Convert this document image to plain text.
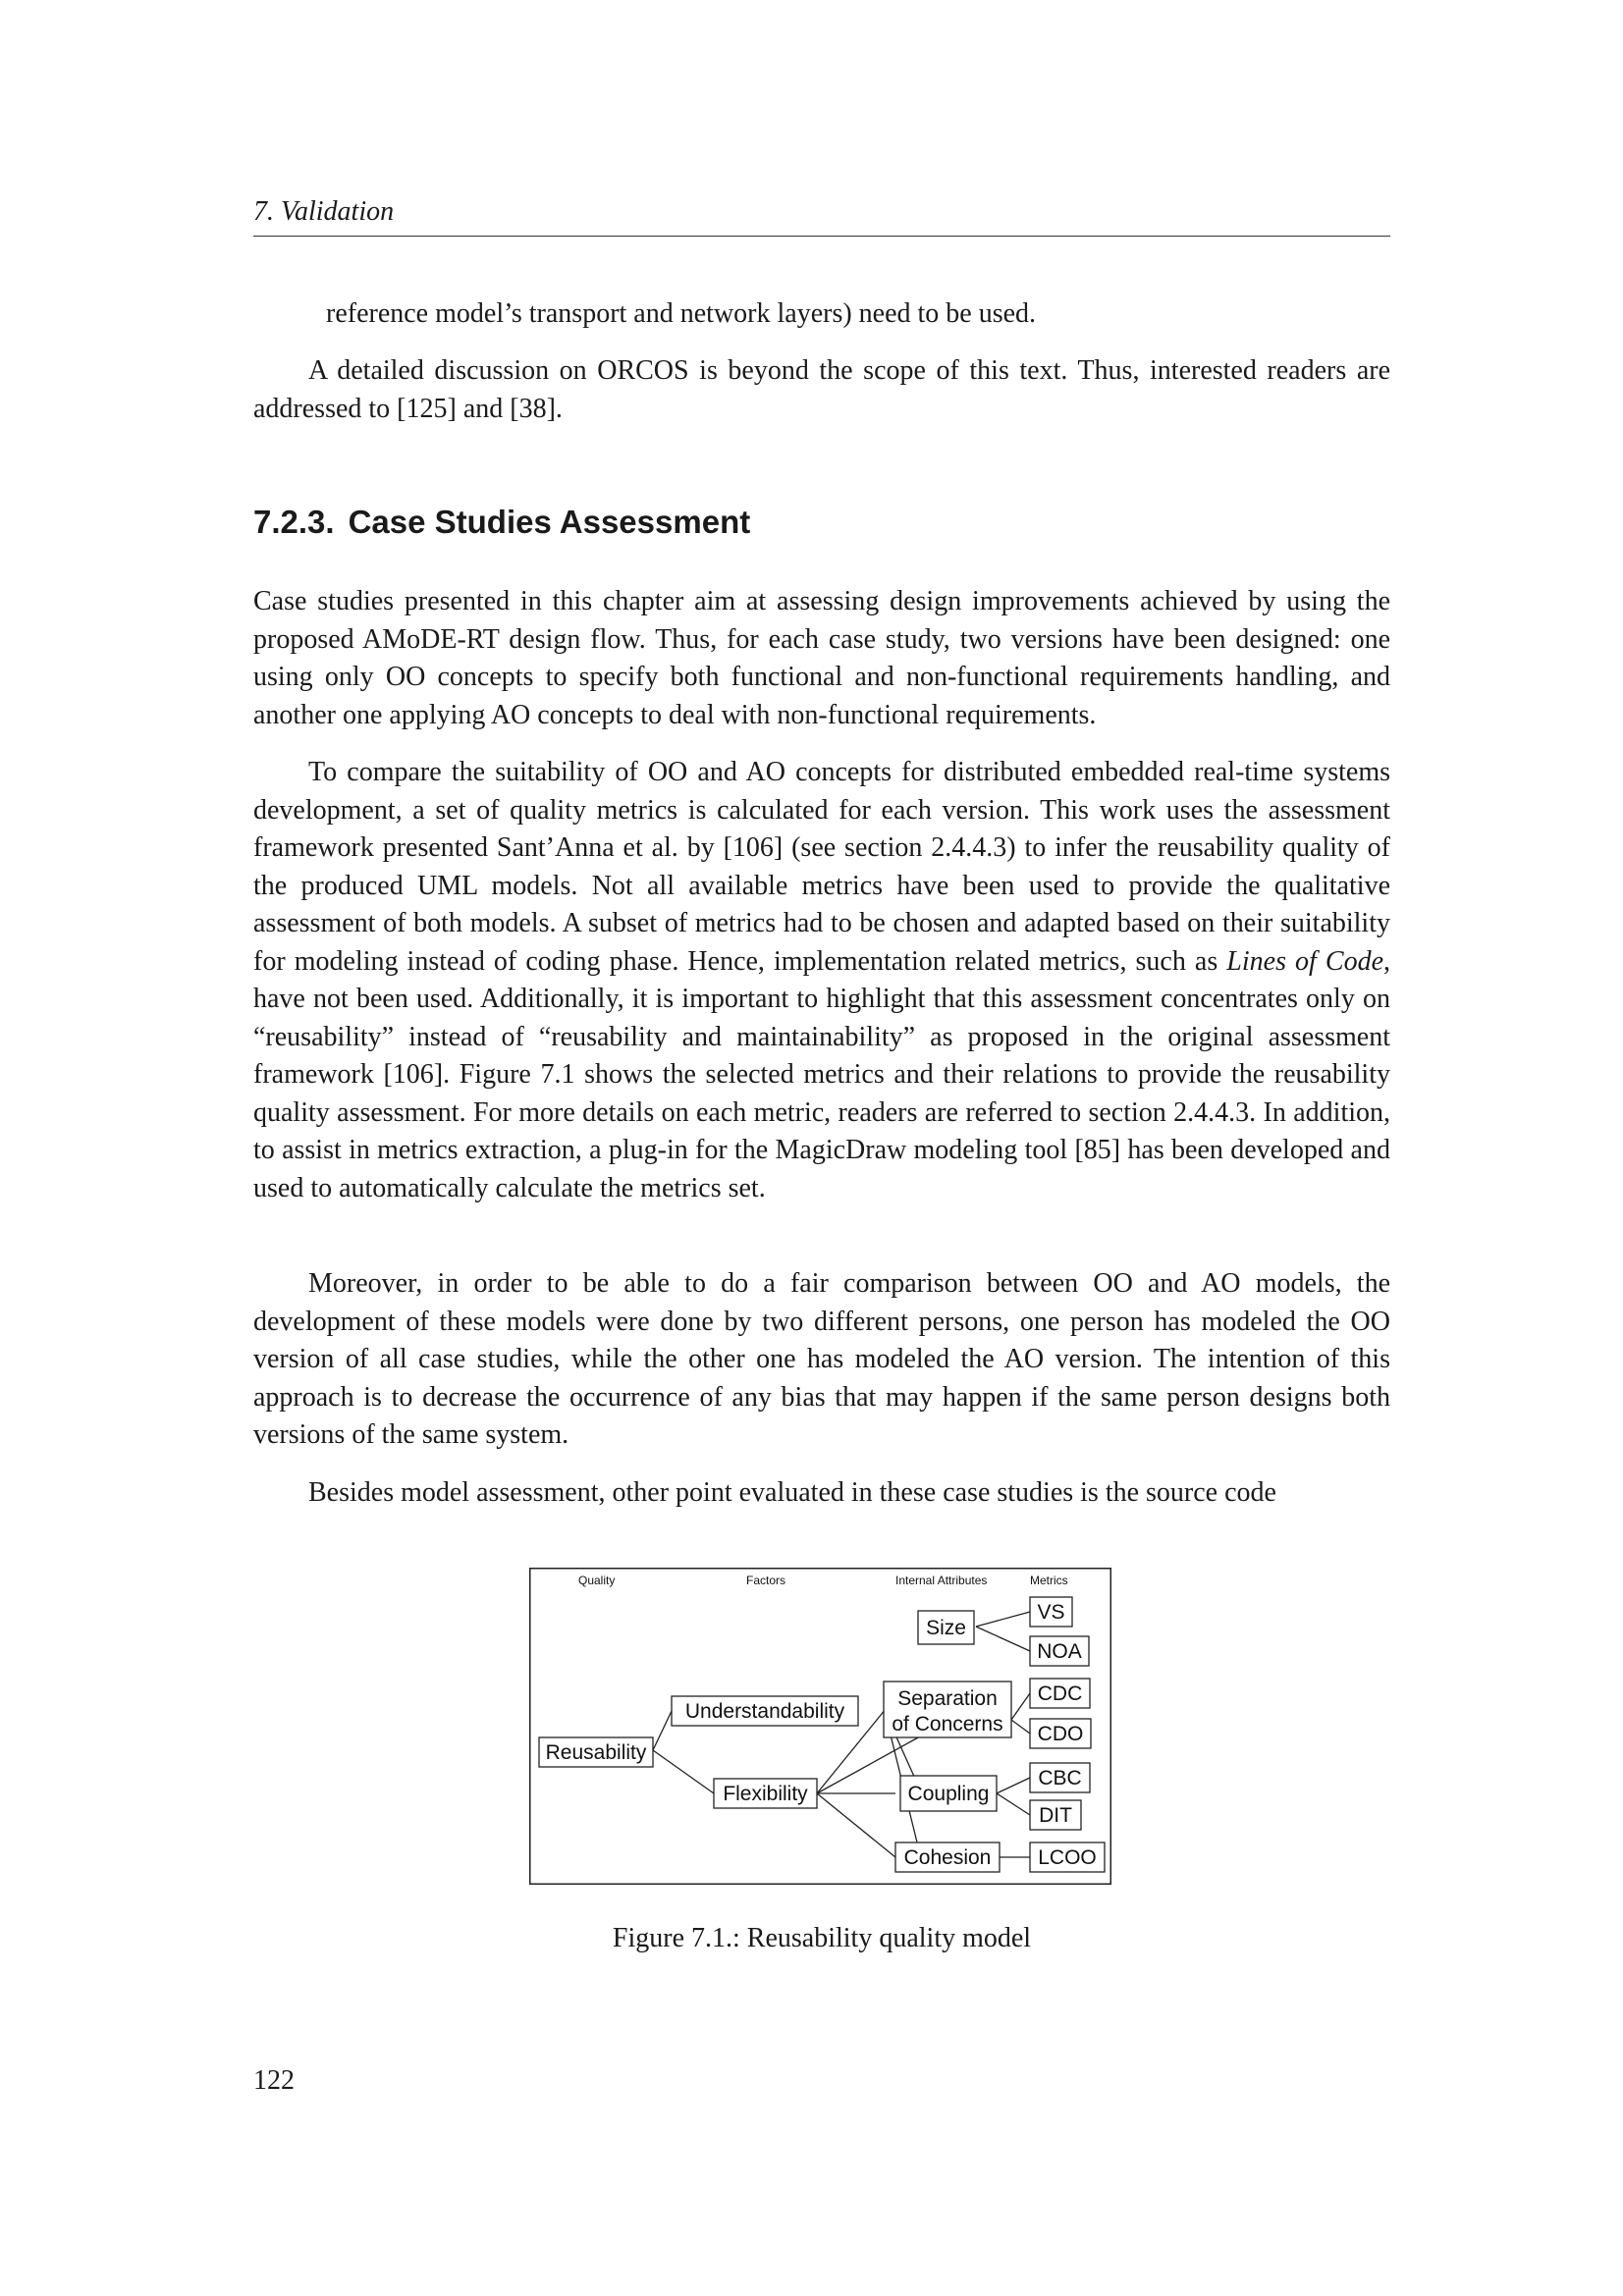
7. Validation

reference model’s transport and network layers) need to be used.

A detailed discussion on ORCOS is beyond the scope of this text. Thus, interested readers are addressed to [125] and [38].

7.2.3. Case Studies Assessment

Case studies presented in this chapter aim at assessing design improvements achieved by using the proposed AMoDE-RT design flow. Thus, for each case study, two versions have been designed: one using only OO concepts to specify both functional and non-functional requirements handling, and another one applying AO concepts to deal with non-functional requirements.

To compare the suitability of OO and AO concepts for distributed embedded real-time systems development, a set of quality metrics is calculated for each version. This work uses the assessment framework presented Sant’Anna et al. by [106] (see section 2.4.4.3) to infer the reusability quality of the produced UML models. Not all available metrics have been used to provide the qualitative assessment of both models. A subset of metrics had to be chosen and adapted based on their suitability for modeling instead of coding phase. Hence, implementation related metrics, such as Lines of Code, have not been used. Additionally, it is important to highlight that this assessment concentrates only on “reusability” instead of “reusability and maintainability” as proposed in the original assessment framework [106]. Figure 7.1 shows the selected metrics and their relations to provide the reusability quality assessment. For more details on each metric, readers are referred to section 2.4.4.3. In addition, to assist in metrics extraction, a plug-in for the MagicDraw modeling tool [85] has been developed and used to automatically calculate the metrics set.

Moreover, in order to be able to do a fair comparison between OO and AO models, the development of these models were done by two different persons, one person has modeled the OO version of all case studies, while the other one has modeled the AO version. The intention of this approach is to decrease the occurrence of any bias that may happen if the same person designs both versions of the same system.

Besides model assessment, other point evaluated in these case studies is the source code

Quality	Factors	Internal Attributes	Metrics
Reusability
Understandability
Flexibility
Size
Separation
of Concerns
Coupling
Cohesion
VS
NOA
CDC
CDO
CBC
DIT
LCOO
Figure 7.1.: Reusability quality model
122
